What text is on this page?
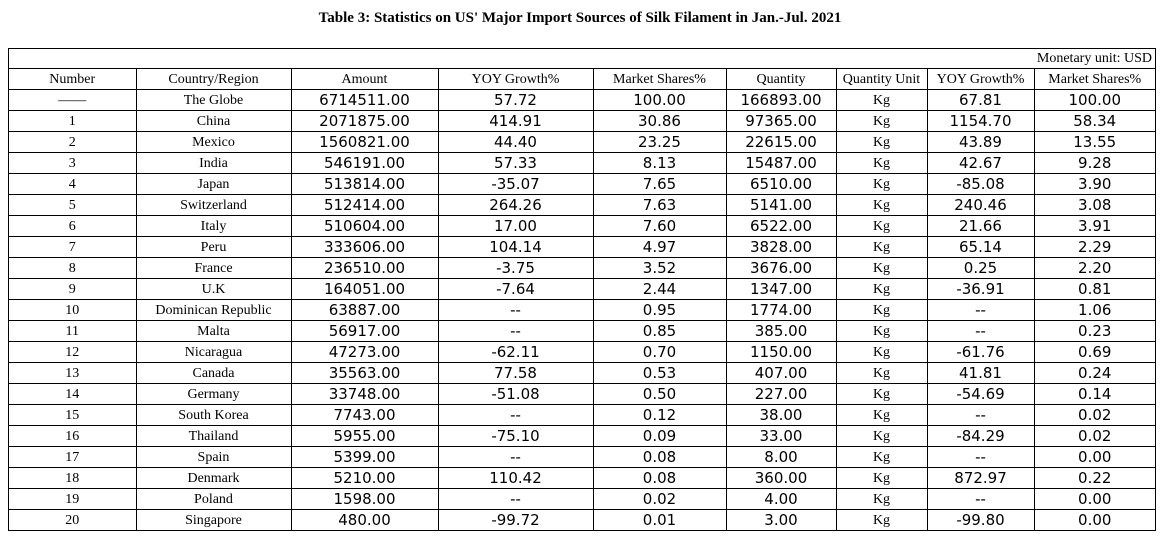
Table 3: Statistics on US' Major Import Sources of Silk Filament in Jan.-Jul. 2021
Monetary unit: USD
Number	Country/Region	Amount	YOY Growth%	Market Shares%	Quantity	Quantity Unit	YOY Growth%	Market Shares%
——	The Globe	6714511.00	57.72	100.00	166893.00	Kg	67.81	100.00
1	China	2071875.00	414.91	30.86	97365.00	Kg	1154.70	58.34
2	Mexico	1560821.00	44.40	23.25	22615.00	Kg	43.89	13.55
3	India	546191.00	57.33	8.13	15487.00	Kg	42.67	9.28
4	Japan	513814.00	-35.07	7.65	6510.00	Kg	-85.08	3.90
5	Switzerland	512414.00	264.26	7.63	5141.00	Kg	240.46	3.08
6	Italy	510604.00	17.00	7.60	6522.00	Kg	21.66	3.91
7	Peru	333606.00	104.14	4.97	3828.00	Kg	65.14	2.29
8	France	236510.00	-3.75	3.52	3676.00	Kg	0.25	2.20
9	U.K	164051.00	-7.64	2.44	1347.00	Kg	-36.91	0.81
10	Dominican Republic	63887.00	--	0.95	1774.00	Kg	--	1.06
11	Malta	56917.00	--	0.85	385.00	Kg	--	0.23
12	Nicaragua	47273.00	-62.11	0.70	1150.00	Kg	-61.76	0.69
13	Canada	35563.00	77.58	0.53	407.00	Kg	41.81	0.24
14	Germany	33748.00	-51.08	0.50	227.00	Kg	-54.69	0.14
15	South Korea	7743.00	--	0.12	38.00	Kg	--	0.02
16	Thailand	5955.00	-75.10	0.09	33.00	Kg	-84.29	0.02
17	Spain	5399.00	--	0.08	8.00	Kg	--	0.00
18	Denmark	5210.00	110.42	0.08	360.00	Kg	872.97	0.22
19	Poland	1598.00	--	0.02	4.00	Kg	--	0.00
20	Singapore	480.00	-99.72	0.01	3.00	Kg	-99.80	0.00
